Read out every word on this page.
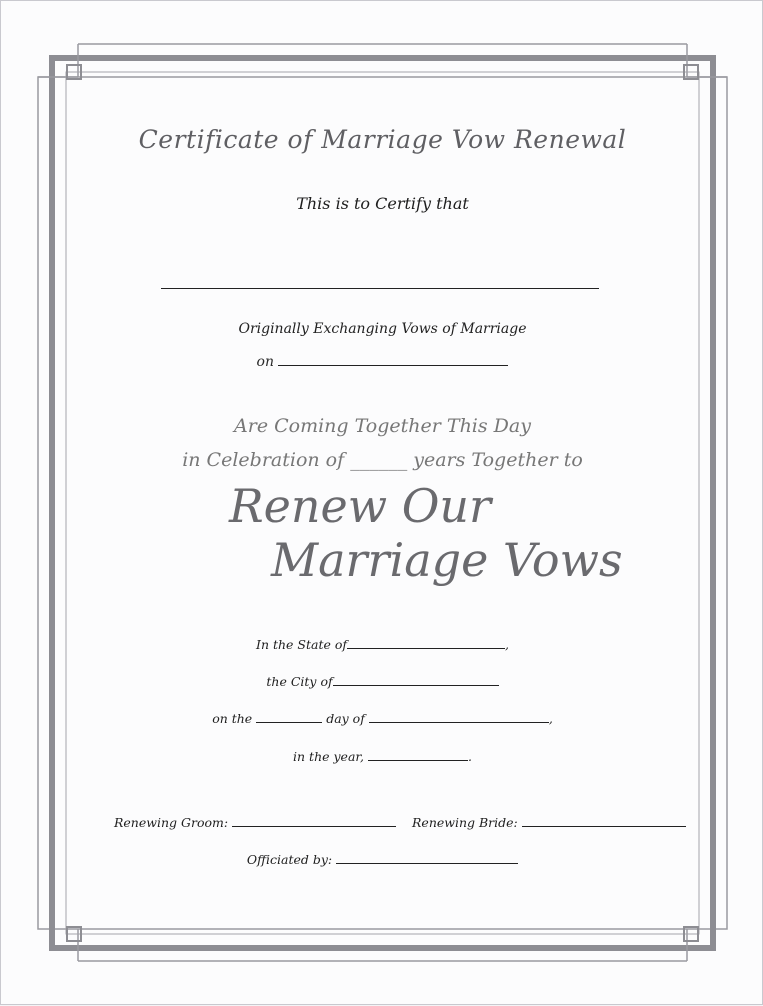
Certificate of Marriage Vow Renewal
This is to Certify that
Originally Exchanging Vows of Marriage
on
Are Coming Together This Day
in Celebration of ______ years Together to
Renew Our
Marriage Vows
In the State of	,
the City of
on the	day of	,
in the year,	.
Renewing Groom:	Renewing Bride:
Officiated by:
